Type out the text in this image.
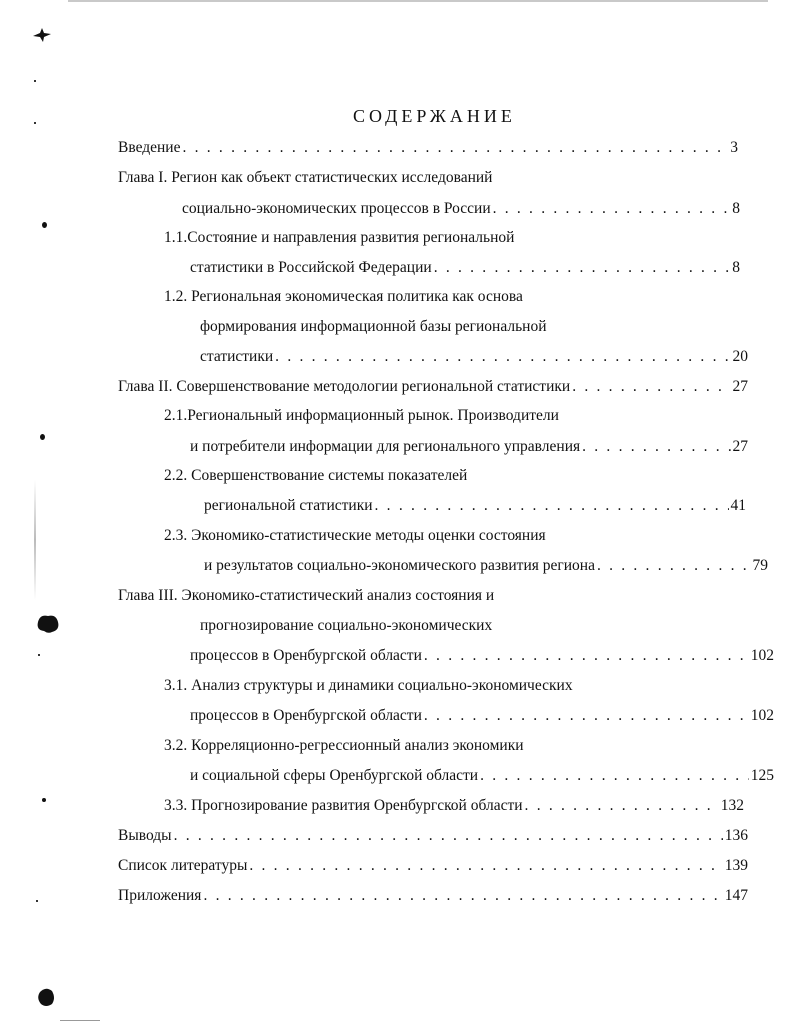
СОДЕРЖАНИЕ
Введение . . .	3
Глава I. Регион как объект статистических исследований
социально-экономических процессов в России . . .	8
1.1.Состояние и направления развития региональной
статистики в Российской Федерации . . .	8
1.2. Региональная экономическая политика как основа
формирования информационной базы региональной
статистики . . .	20
Глава II. Совершенствование методологии региональной статистики . . .	27
2.1.Региональный информационный рынок. Производители
и потребители информации для регионального управления . . .	27
2.2. Совершенствование системы показателей
региональной статистики . . .	41
2.3. Экономико-статистические методы оценки состояния
и результатов социально-экономического развития региона . . .	79
Глава III. Экономико-статистический анализ состояния и
прогнозирование социально-экономических
процессов в Оренбургской области . . .	102
3.1. Анализ структуры и динамики социально-экономических
процессов в Оренбургской области . . .	102
3.2. Корреляционно-регрессионный анализ экономики
и социальной сферы Оренбургской области . . .	125
3.3. Прогнозирование развития Оренбургской области . . .	132
Выводы . . .	136
Список литературы . . .	139
Приложения . . .	147
